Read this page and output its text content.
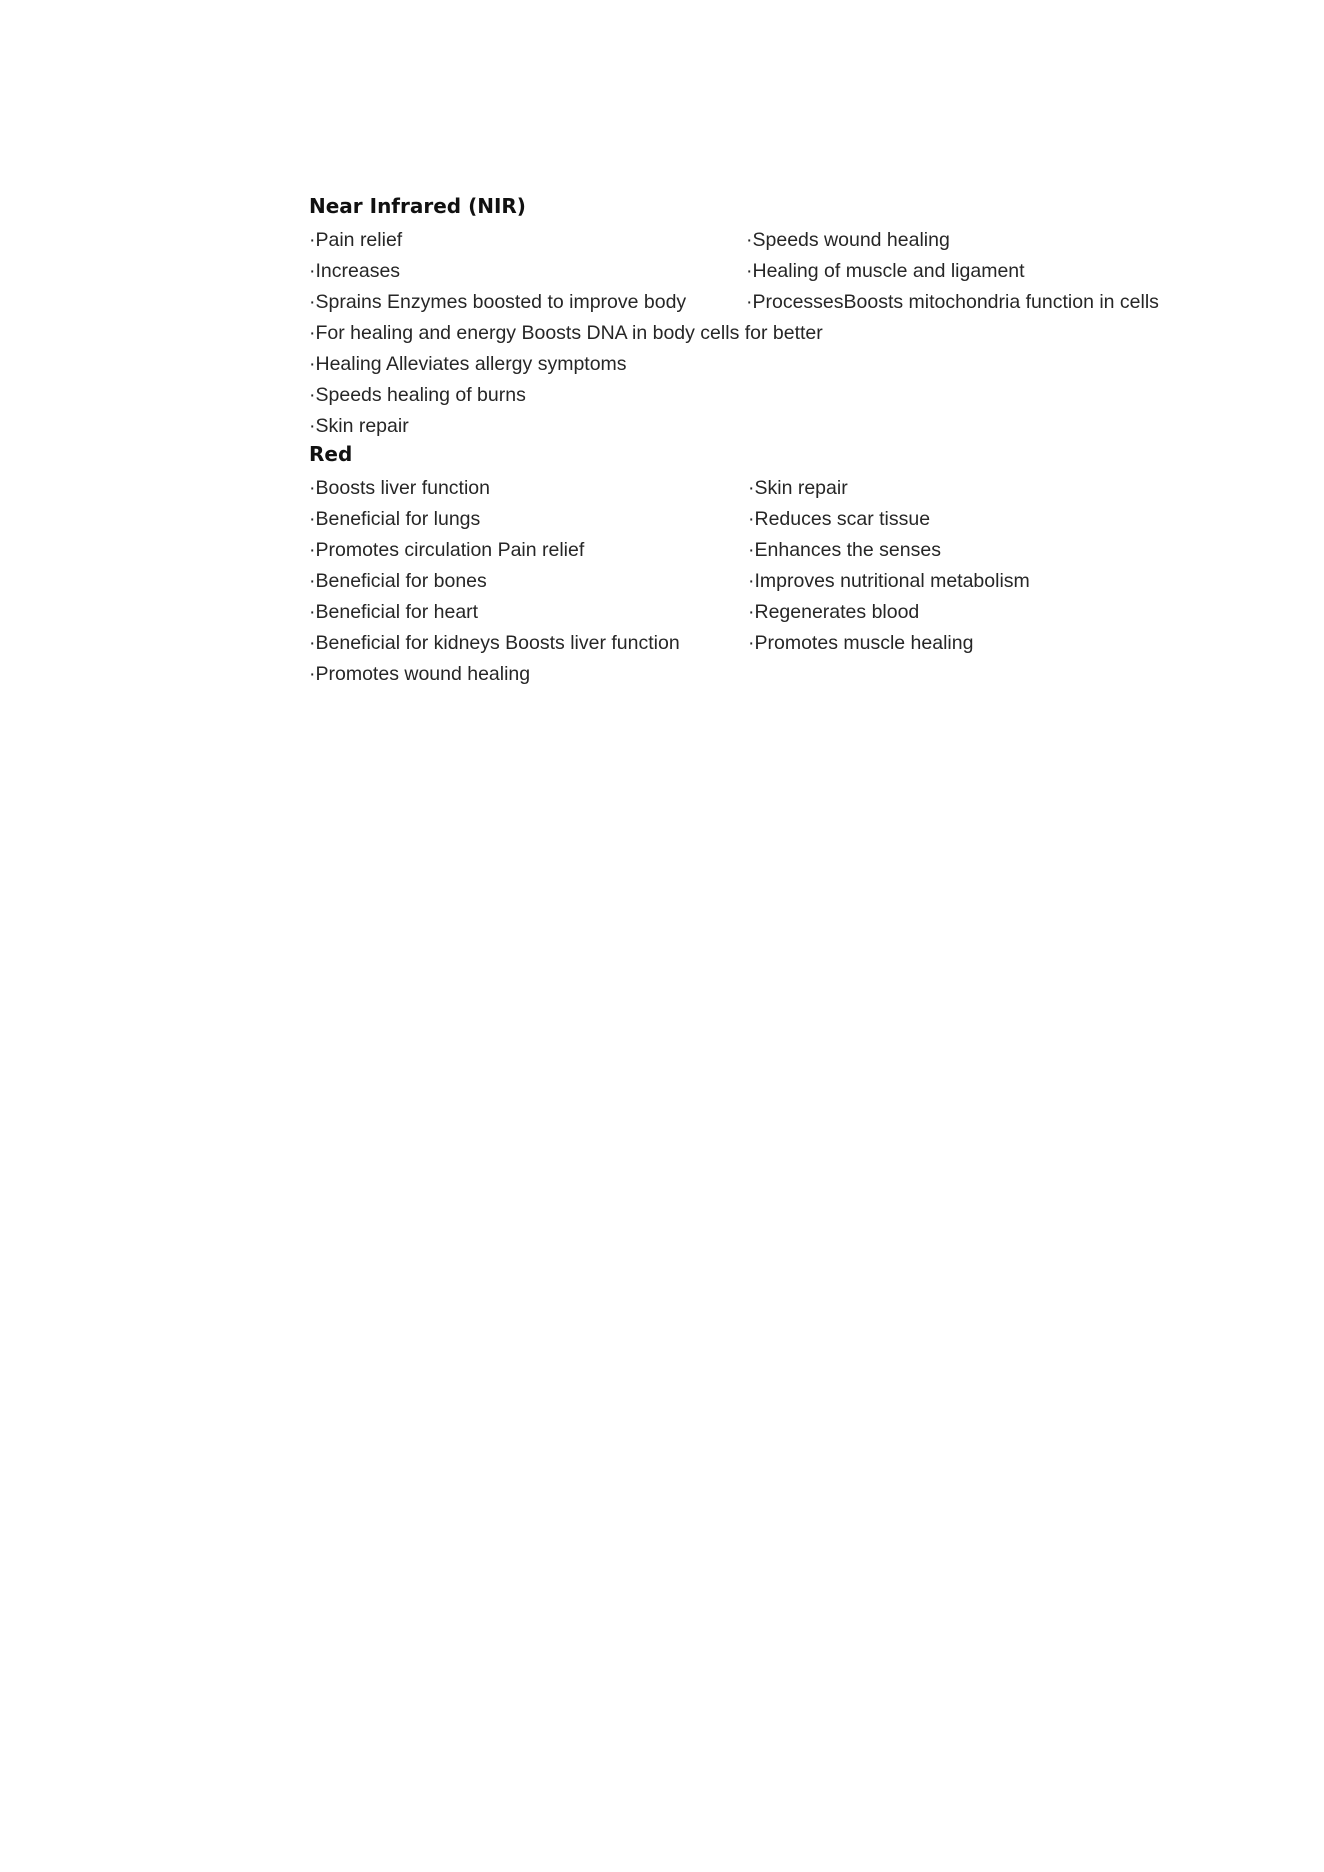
Near Infrared (NIR)
·Pain relief
·Increases
·Sprains Enzymes boosted to improve body
·For healing and energy Boosts DNA in body cells for better
·Healing Alleviates allergy symptoms
·Speeds healing of burns
·Skin repair
·Speeds wound healing
·Healing of muscle and ligament
·ProcessesBoosts mitochondria function in cells
Red
·Boosts liver function
·Beneficial for lungs
·Promotes circulation Pain relief
·Beneficial for bones
·Beneficial for heart
·Beneficial for kidneys Boosts liver function
·Promotes wound healing
·Skin repair
·Reduces scar tissue
·Enhances the senses
·Improves nutritional metabolism
·Regenerates blood
·Promotes muscle healing
